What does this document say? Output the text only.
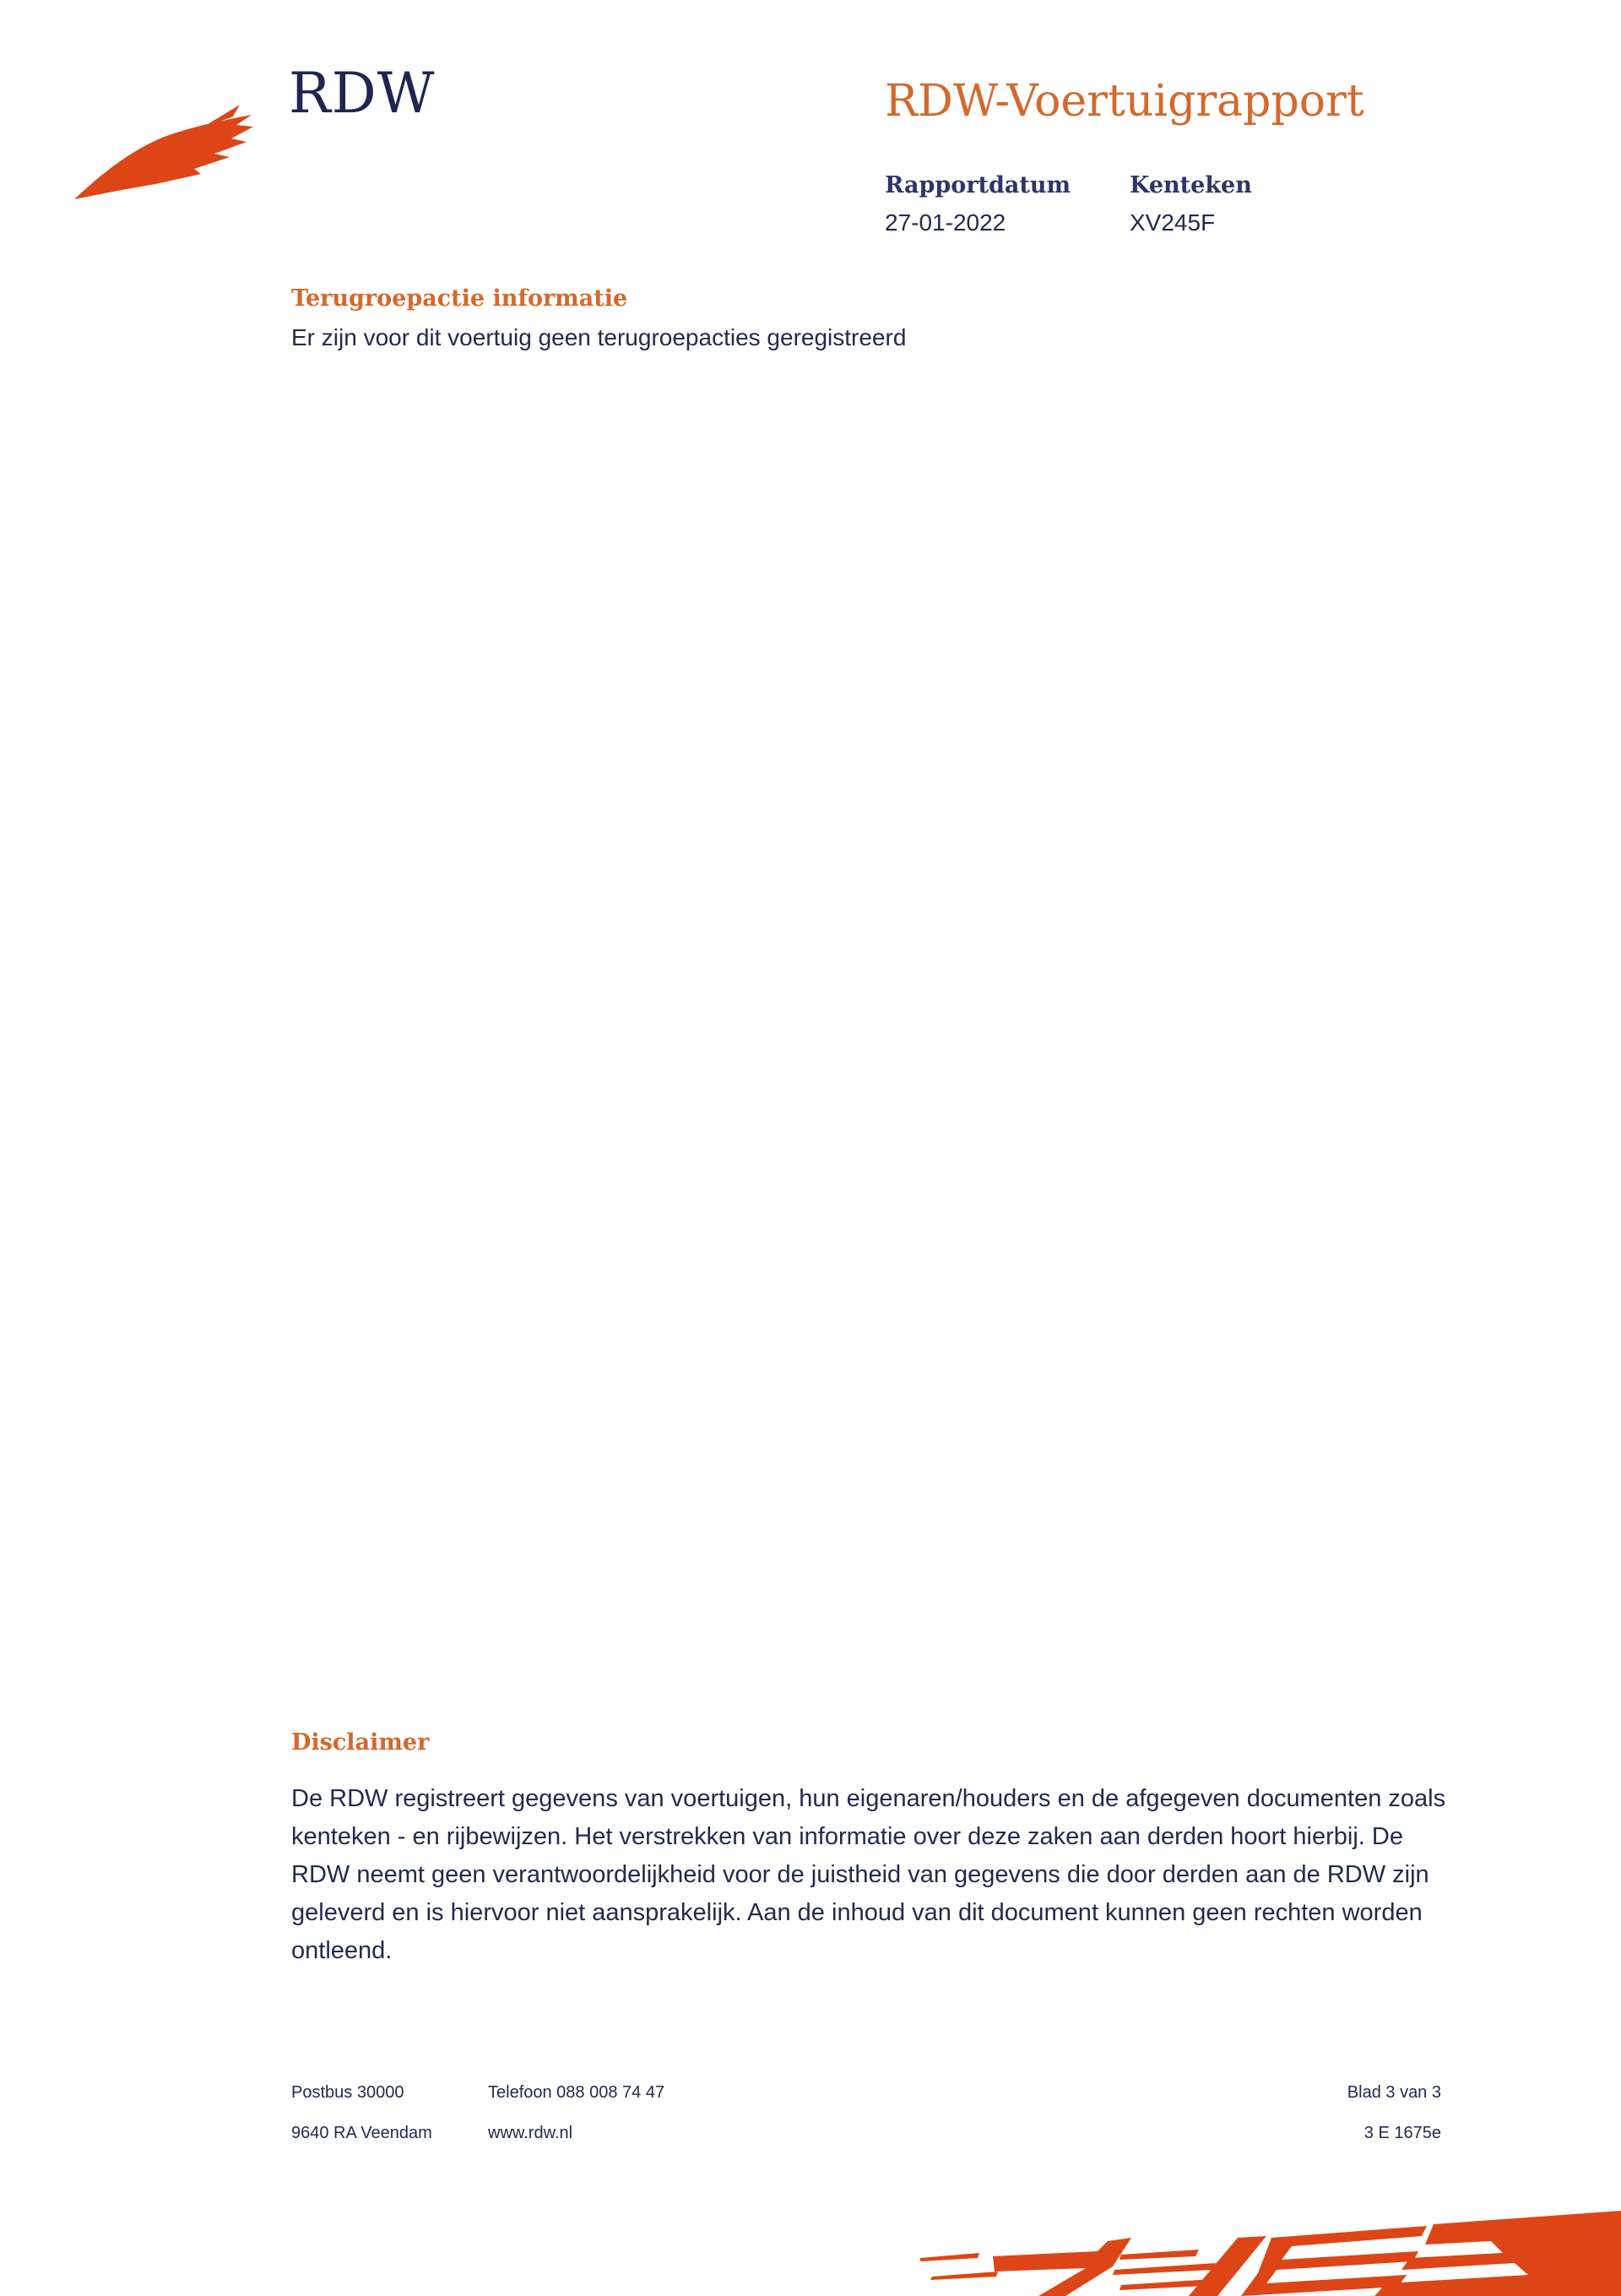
RDW	RDW-Voertuigrapport
Rapportdatum
27-01-2022
Kenteken
XV245F
Terugroepactie informatie
Er zijn voor dit voertuig geen terugroepacties geregistreerd
Disclaimer
De RDW registreert gegevens van voertuigen, hun eigenaren/houders en de afgegeven documenten zoals kenteken - en rijbewijzen. Het verstrekken van informatie over deze zaken aan derden hoort hierbij. De RDW neemt geen verantwoordelijkheid voor de juistheid van gegevens die door derden aan de RDW zijn geleverd en is hiervoor niet aansprakelijk. Aan de inhoud van dit document kunnen geen rechten worden ontleend.
Postbus 30000
9640 RA Veendam
Telefoon 088 008 74 47
www.rdw.nl
Blad 3 van 3
3 E 1675e
